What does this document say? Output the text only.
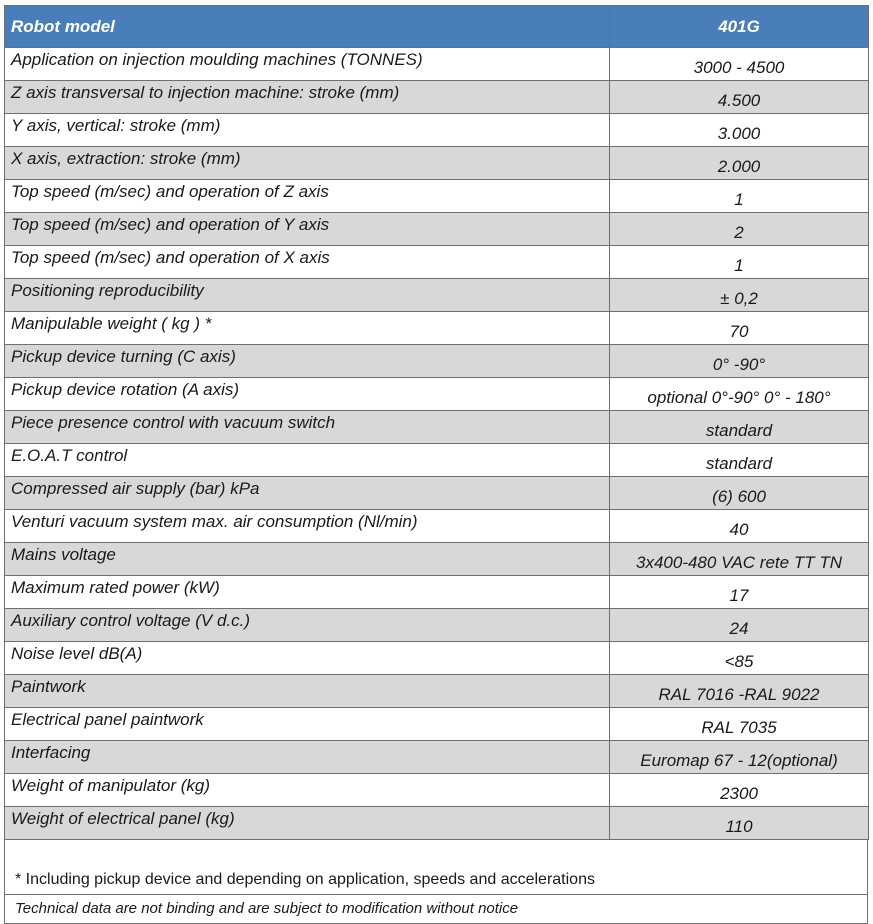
Robot model	401G
Application on injection moulding machines (TONNES)	3000 - 4500
Z axis transversal to injection machine: stroke (mm)	4.500
Y axis, vertical: stroke (mm)	3.000
X axis, extraction: stroke (mm)	2.000
Top speed (m/sec) and operation of Z axis	1
Top speed (m/sec) and operation of Y axis	2
Top speed (m/sec) and operation of X axis	1
Positioning reproducibility	± 0,2
Manipulable weight ( kg ) *	70
Pickup device turning (C axis)	0° -90°
Pickup device rotation (A axis)	optional 0°-90° 0° - 180°
Piece presence control with vacuum switch	standard
E.O.A.T control	standard
Compressed air supply (bar) kPa	(6) 600
Venturi vacuum system max. air consumption (Nl/min)	40
Mains voltage	3x400-480 VAC rete TT TN
Maximum rated power (kW)	17
Auxiliary control voltage (V d.c.)	24
Noise level dB(A)	<85
Paintwork	RAL 7016 -RAL 9022
Electrical panel paintwork	RAL 7035
Interfacing	Euromap 67 - 12(optional)
Weight of manipulator (kg)	2300
Weight of electrical panel (kg)	110
* Including pickup device and depending on application, speeds and accelerations
Technical data are not binding and are subject to modification without notice
